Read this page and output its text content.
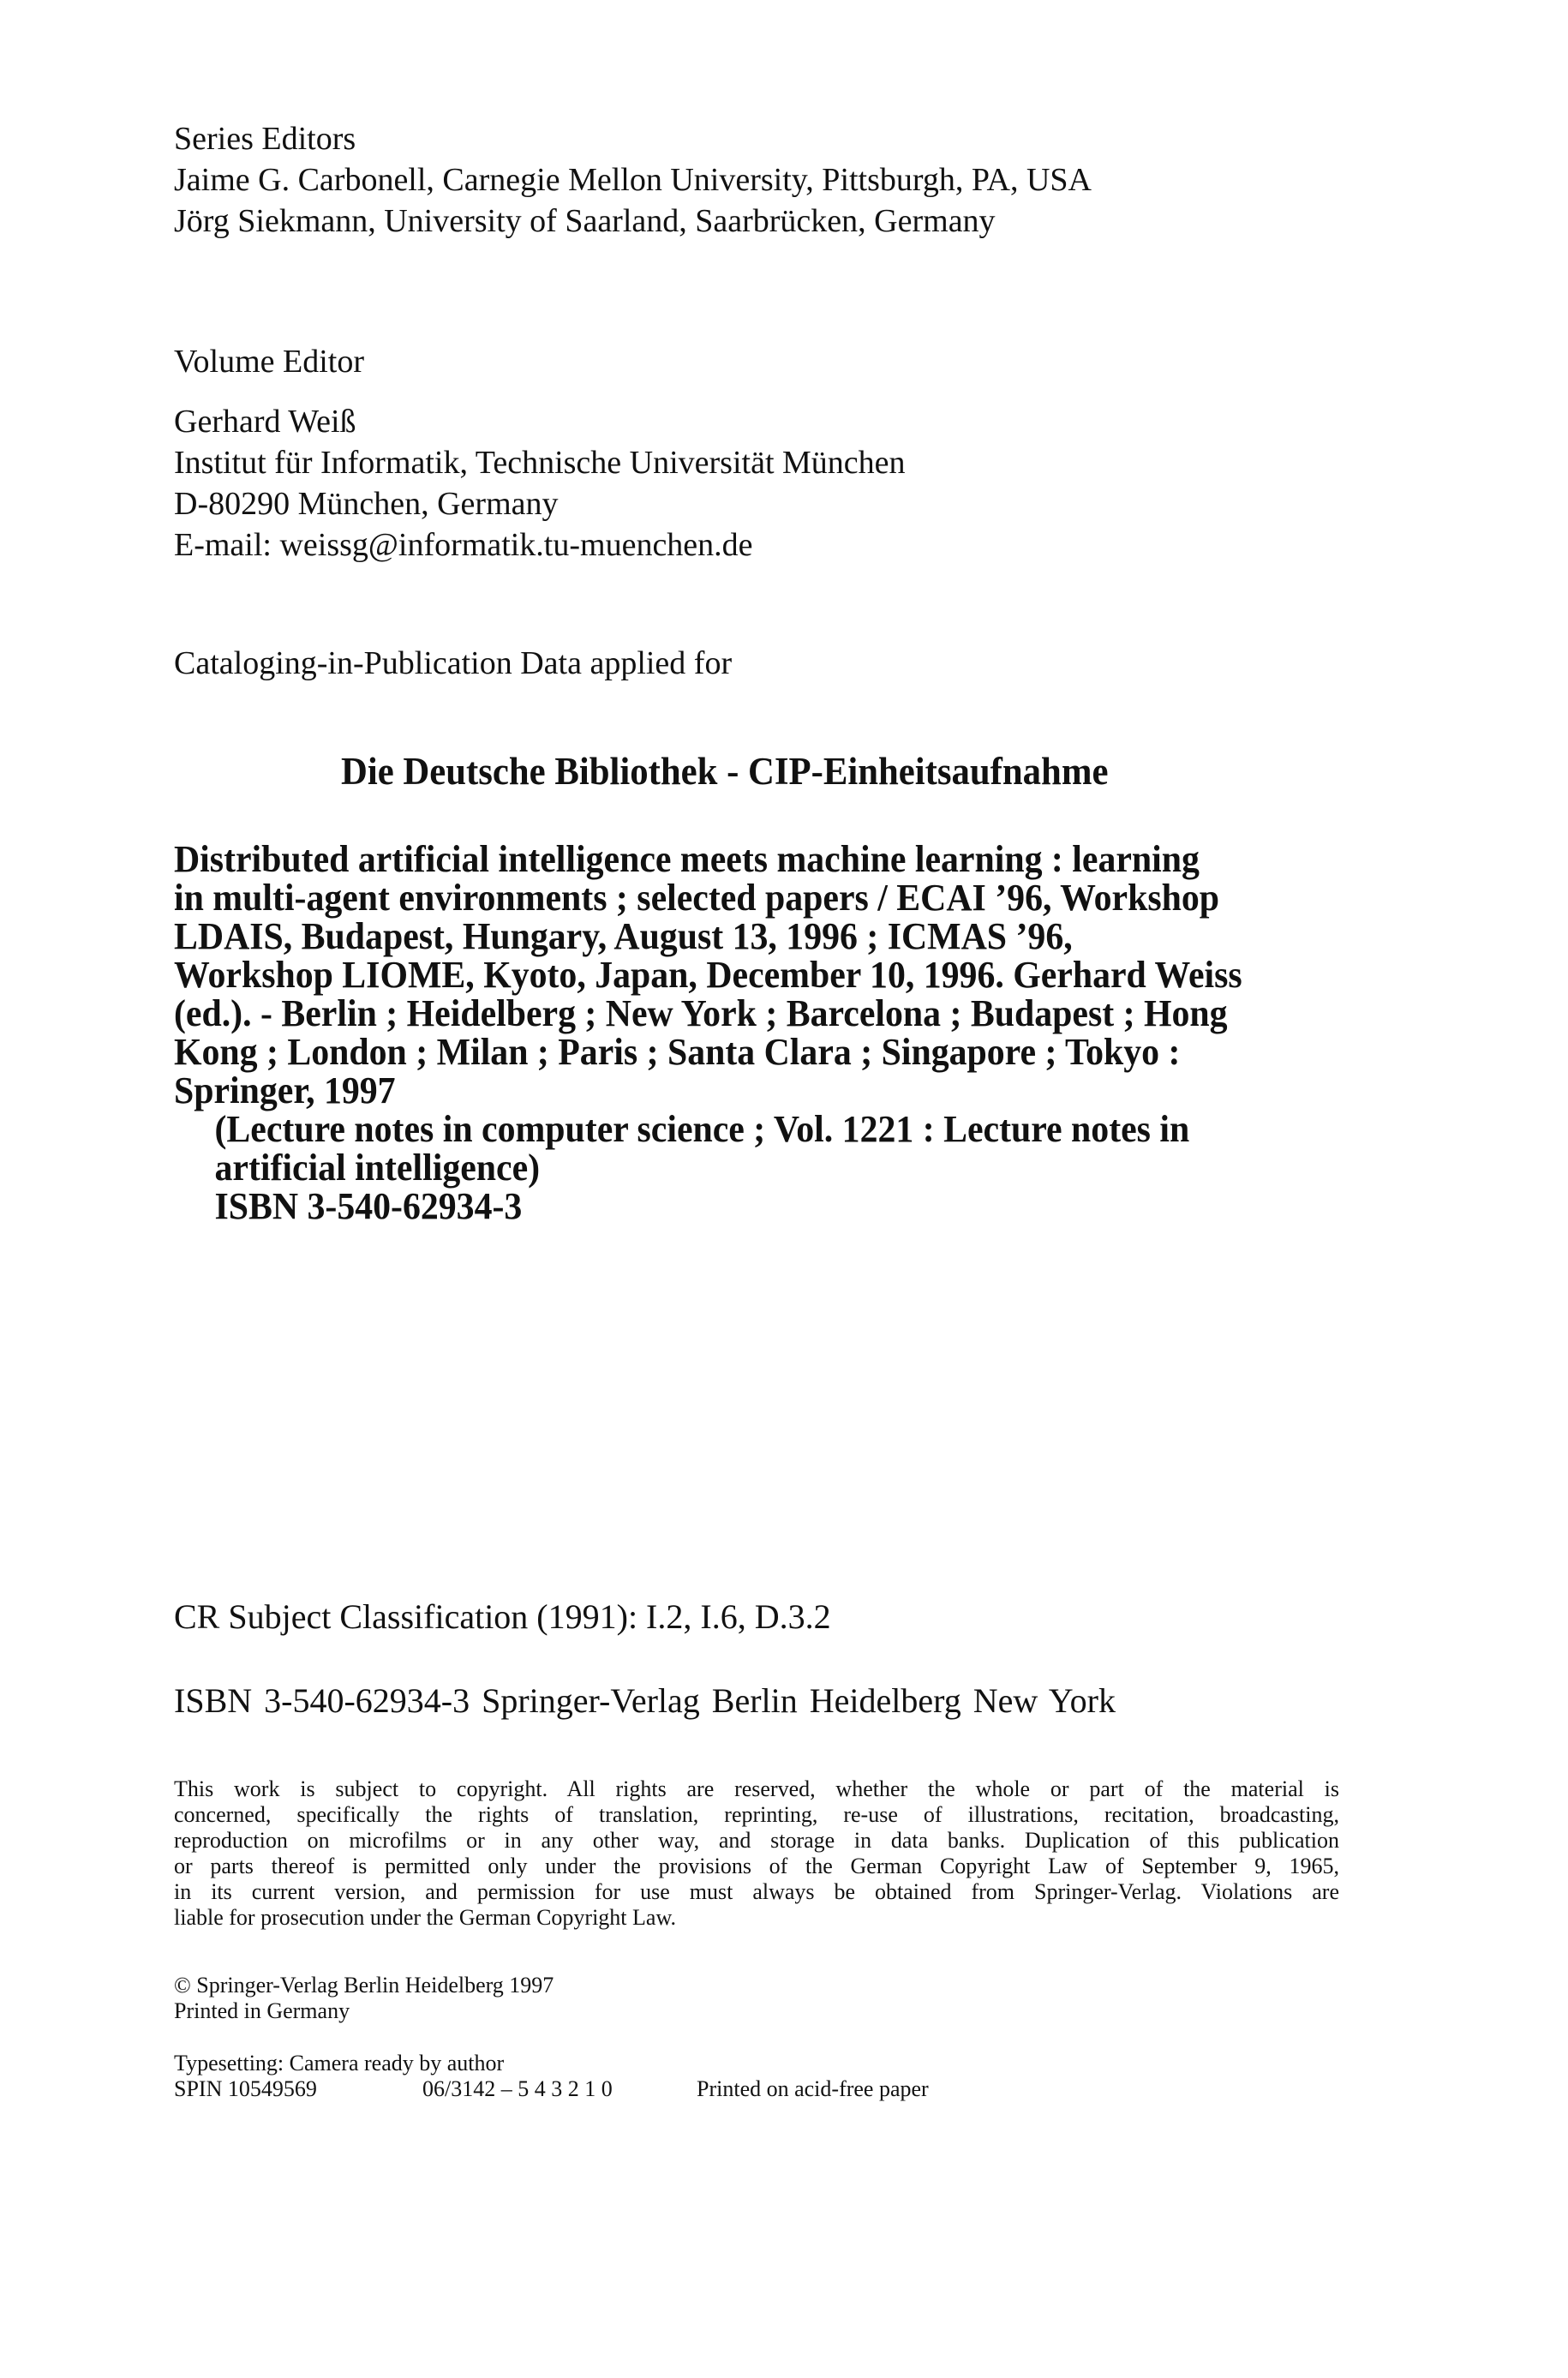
Series Editors
Jaime G. Carbonell, Carnegie Mellon University, Pittsburgh, PA, USA
Jörg Siekmann, University of Saarland, Saarbrücken, Germany
Volume Editor
Gerhard Weiß
Institut für Informatik, Technische Universität München
D-80290 München, Germany
E-mail: weissg@informatik.tu-muenchen.de
Cataloging-in-Publication Data applied for
Die Deutsche Bibliothek - CIP-Einheitsaufnahme
Distributed artificial intelligence meets machine learning : learning
in multi-agent environments ; selected papers / ECAI ’96, Workshop
LDAIS, Budapest, Hungary, August 13, 1996 ; ICMAS ’96,
Workshop LIOME, Kyoto, Japan, December 10, 1996. Gerhard Weiss
(ed.). - Berlin ; Heidelberg ; New York ; Barcelona ; Budapest ; Hong
Kong ; London ; Milan ; Paris ; Santa Clara ; Singapore ; Tokyo :
Springer, 1997
(Lecture notes in computer science ; Vol. 1221 : Lecture notes in
artificial intelligence)
ISBN 3-540-62934-3
CR Subject Classification (1991): I.2, I.6, D.3.2
ISBN 3-540-62934-3 Springer-Verlag Berlin Heidelberg New York
This work is subject to copyright. All rights are reserved, whether the whole or part of the material is
concerned, specifically the rights of translation, reprinting, re-use of illustrations, recitation, broadcasting,
reproduction on microfilms or in any other way, and storage in data banks. Duplication of this publication
or parts thereof is permitted only under the provisions of the German Copyright Law of September 9, 1965,
in its current version, and permission for use must always be obtained from Springer-Verlag. Violations are
liable for prosecution under the German Copyright Law.
© Springer-Verlag Berlin Heidelberg 1997
Printed in Germany
Typesetting: Camera ready by author
SPIN 10549569	06/3142 – 5 4 3 2 1 0	Printed on acid-free paper
